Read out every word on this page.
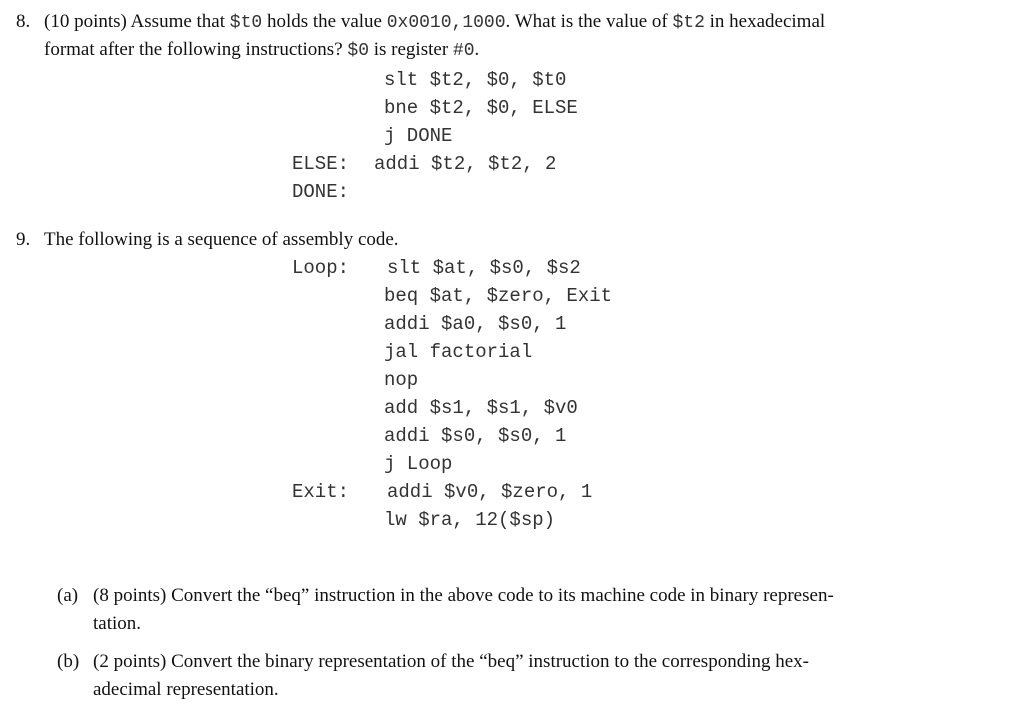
8. (10 points) Assume that $t0 holds the value 0x0010,1000. What is the value of $t2 in hexadecimal
format after the following instructions? $0 is register #0.
slt $t2, $0, $t0
bne $t2, $0, ELSE
j DONE
ELSE: addi $t2, $t2, 2
DONE:
9. The following is a sequence of assembly code.
Loop: slt $at, $s0, $s2
beq $at, $zero, Exit
addi $a0, $s0, 1
jal factorial
nop
add $s1, $s1, $v0
addi $s0, $s0, 1
j Loop
Exit: addi $v0, $zero, 1
lw $ra, 12($sp)
(a) (8 points) Convert the “beq” instruction in the above code to its machine code in binary represen-
tation.
(b) (2 points) Convert the binary representation of the “beq” instruction to the corresponding hex-
adecimal representation.
